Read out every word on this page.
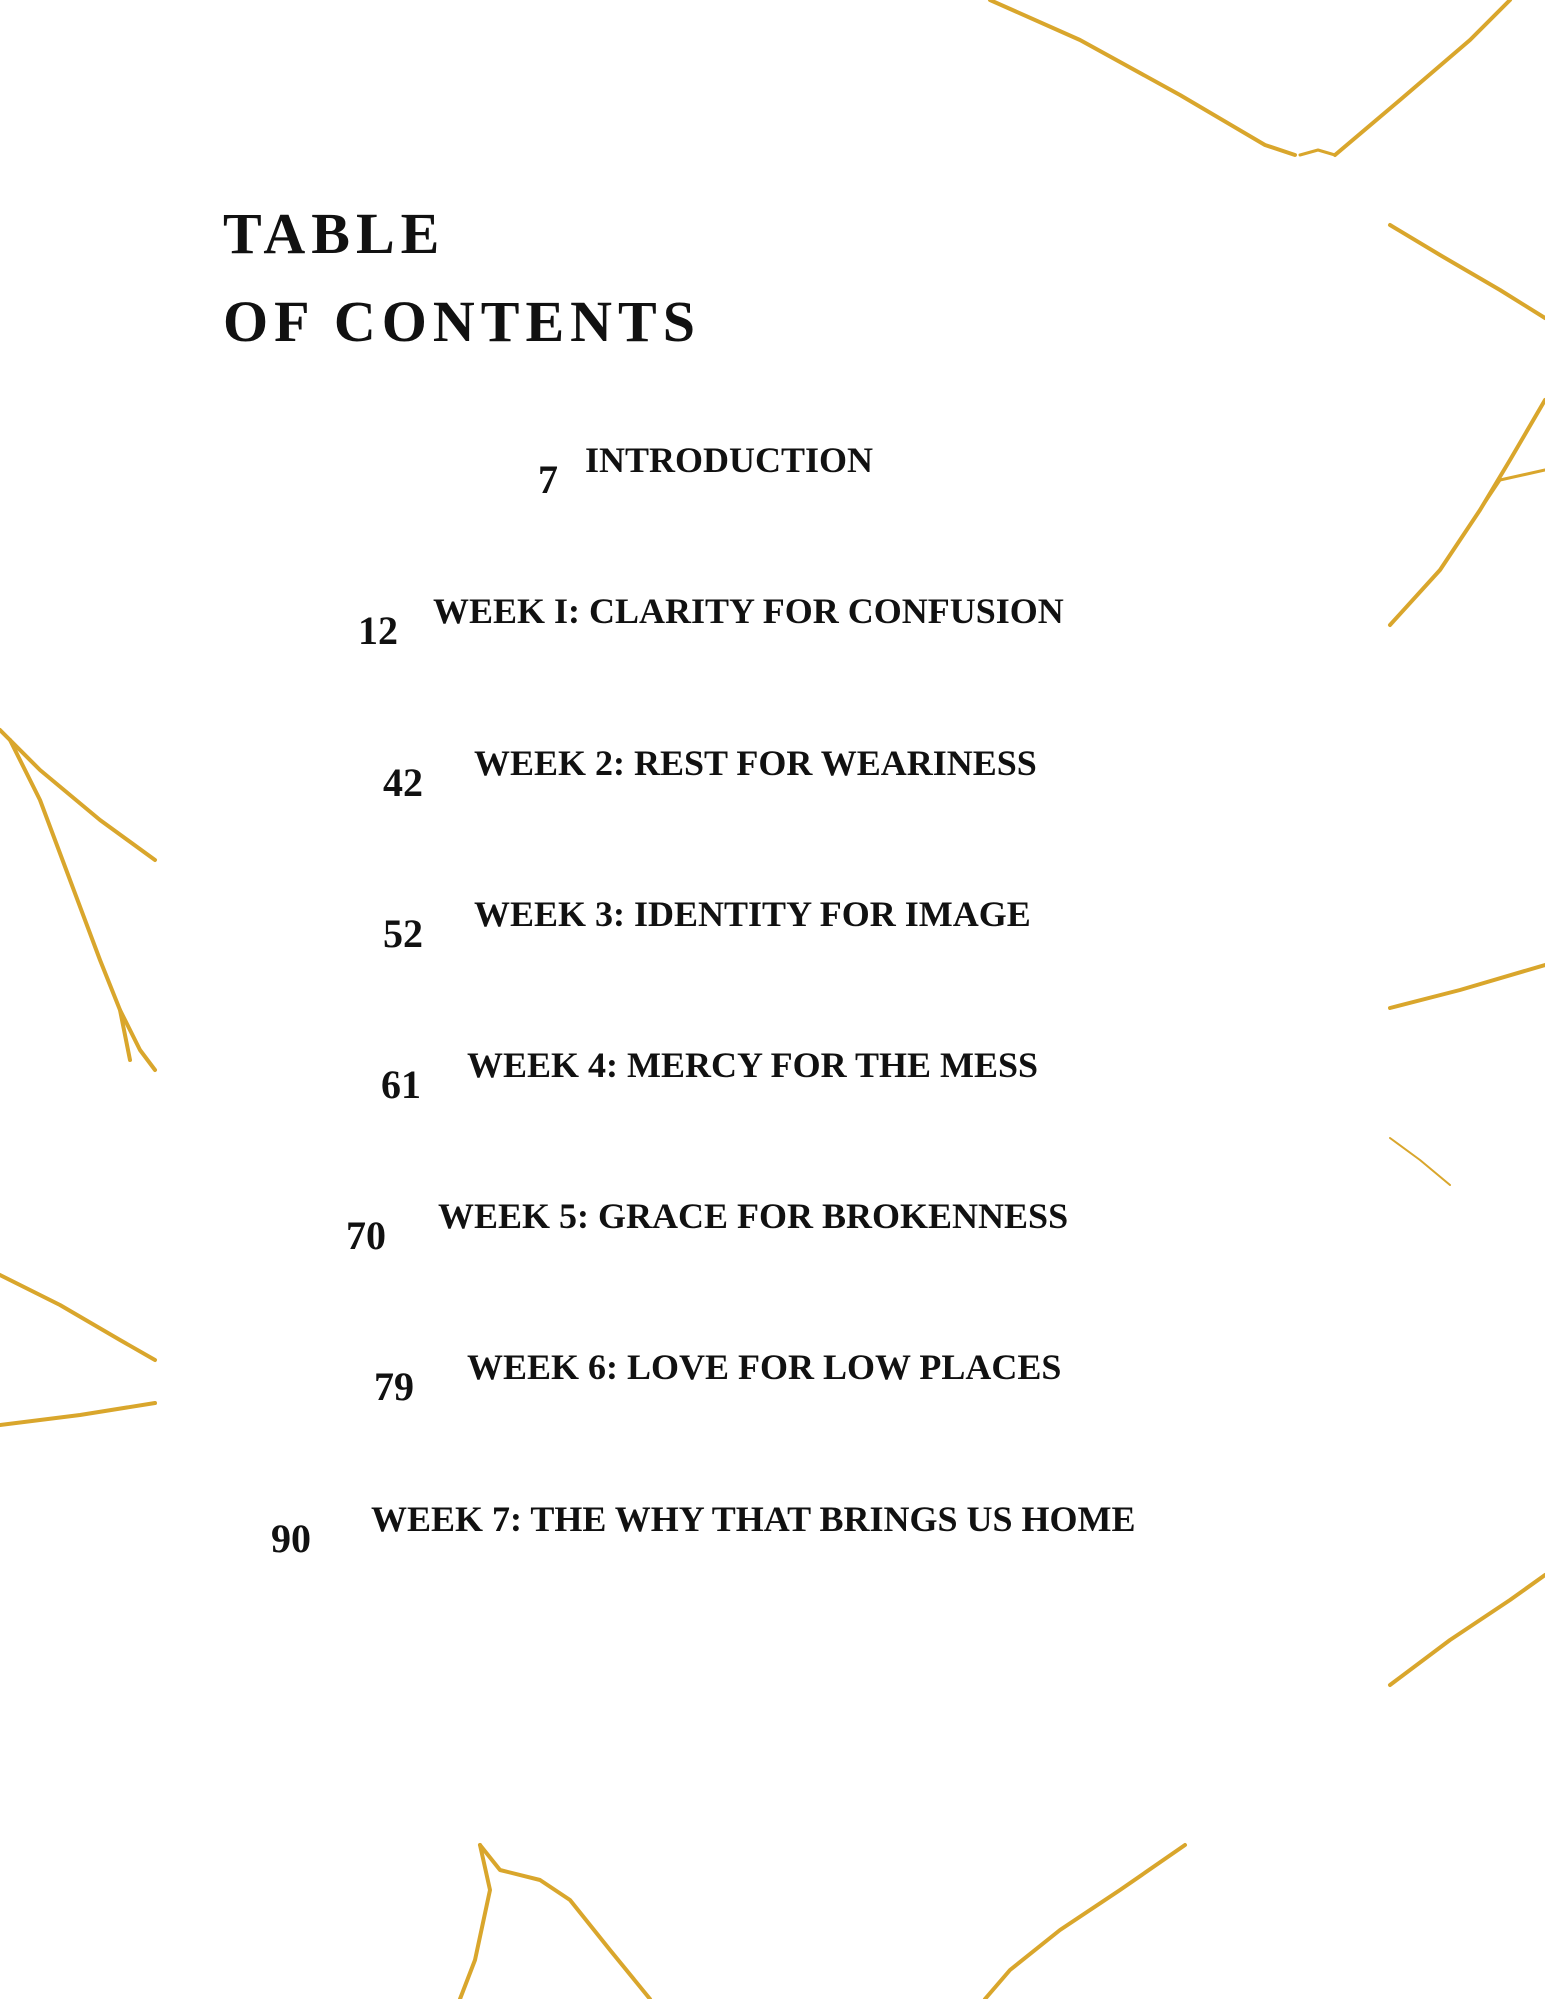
TABLE
OF CONTENTS
7 INTRODUCTION
12 WEEK I: CLARITY FOR CONFUSION
42 WEEK 2: REST FOR WEARINESS
52 WEEK 3: IDENTITY FOR IMAGE
61 WEEK 4: MERCY FOR THE MESS
70 WEEK 5: GRACE FOR BROKENNESS
79 WEEK 6: LOVE FOR LOW PLACES
90 WEEK 7: THE WHY THAT BRINGS US HOME
